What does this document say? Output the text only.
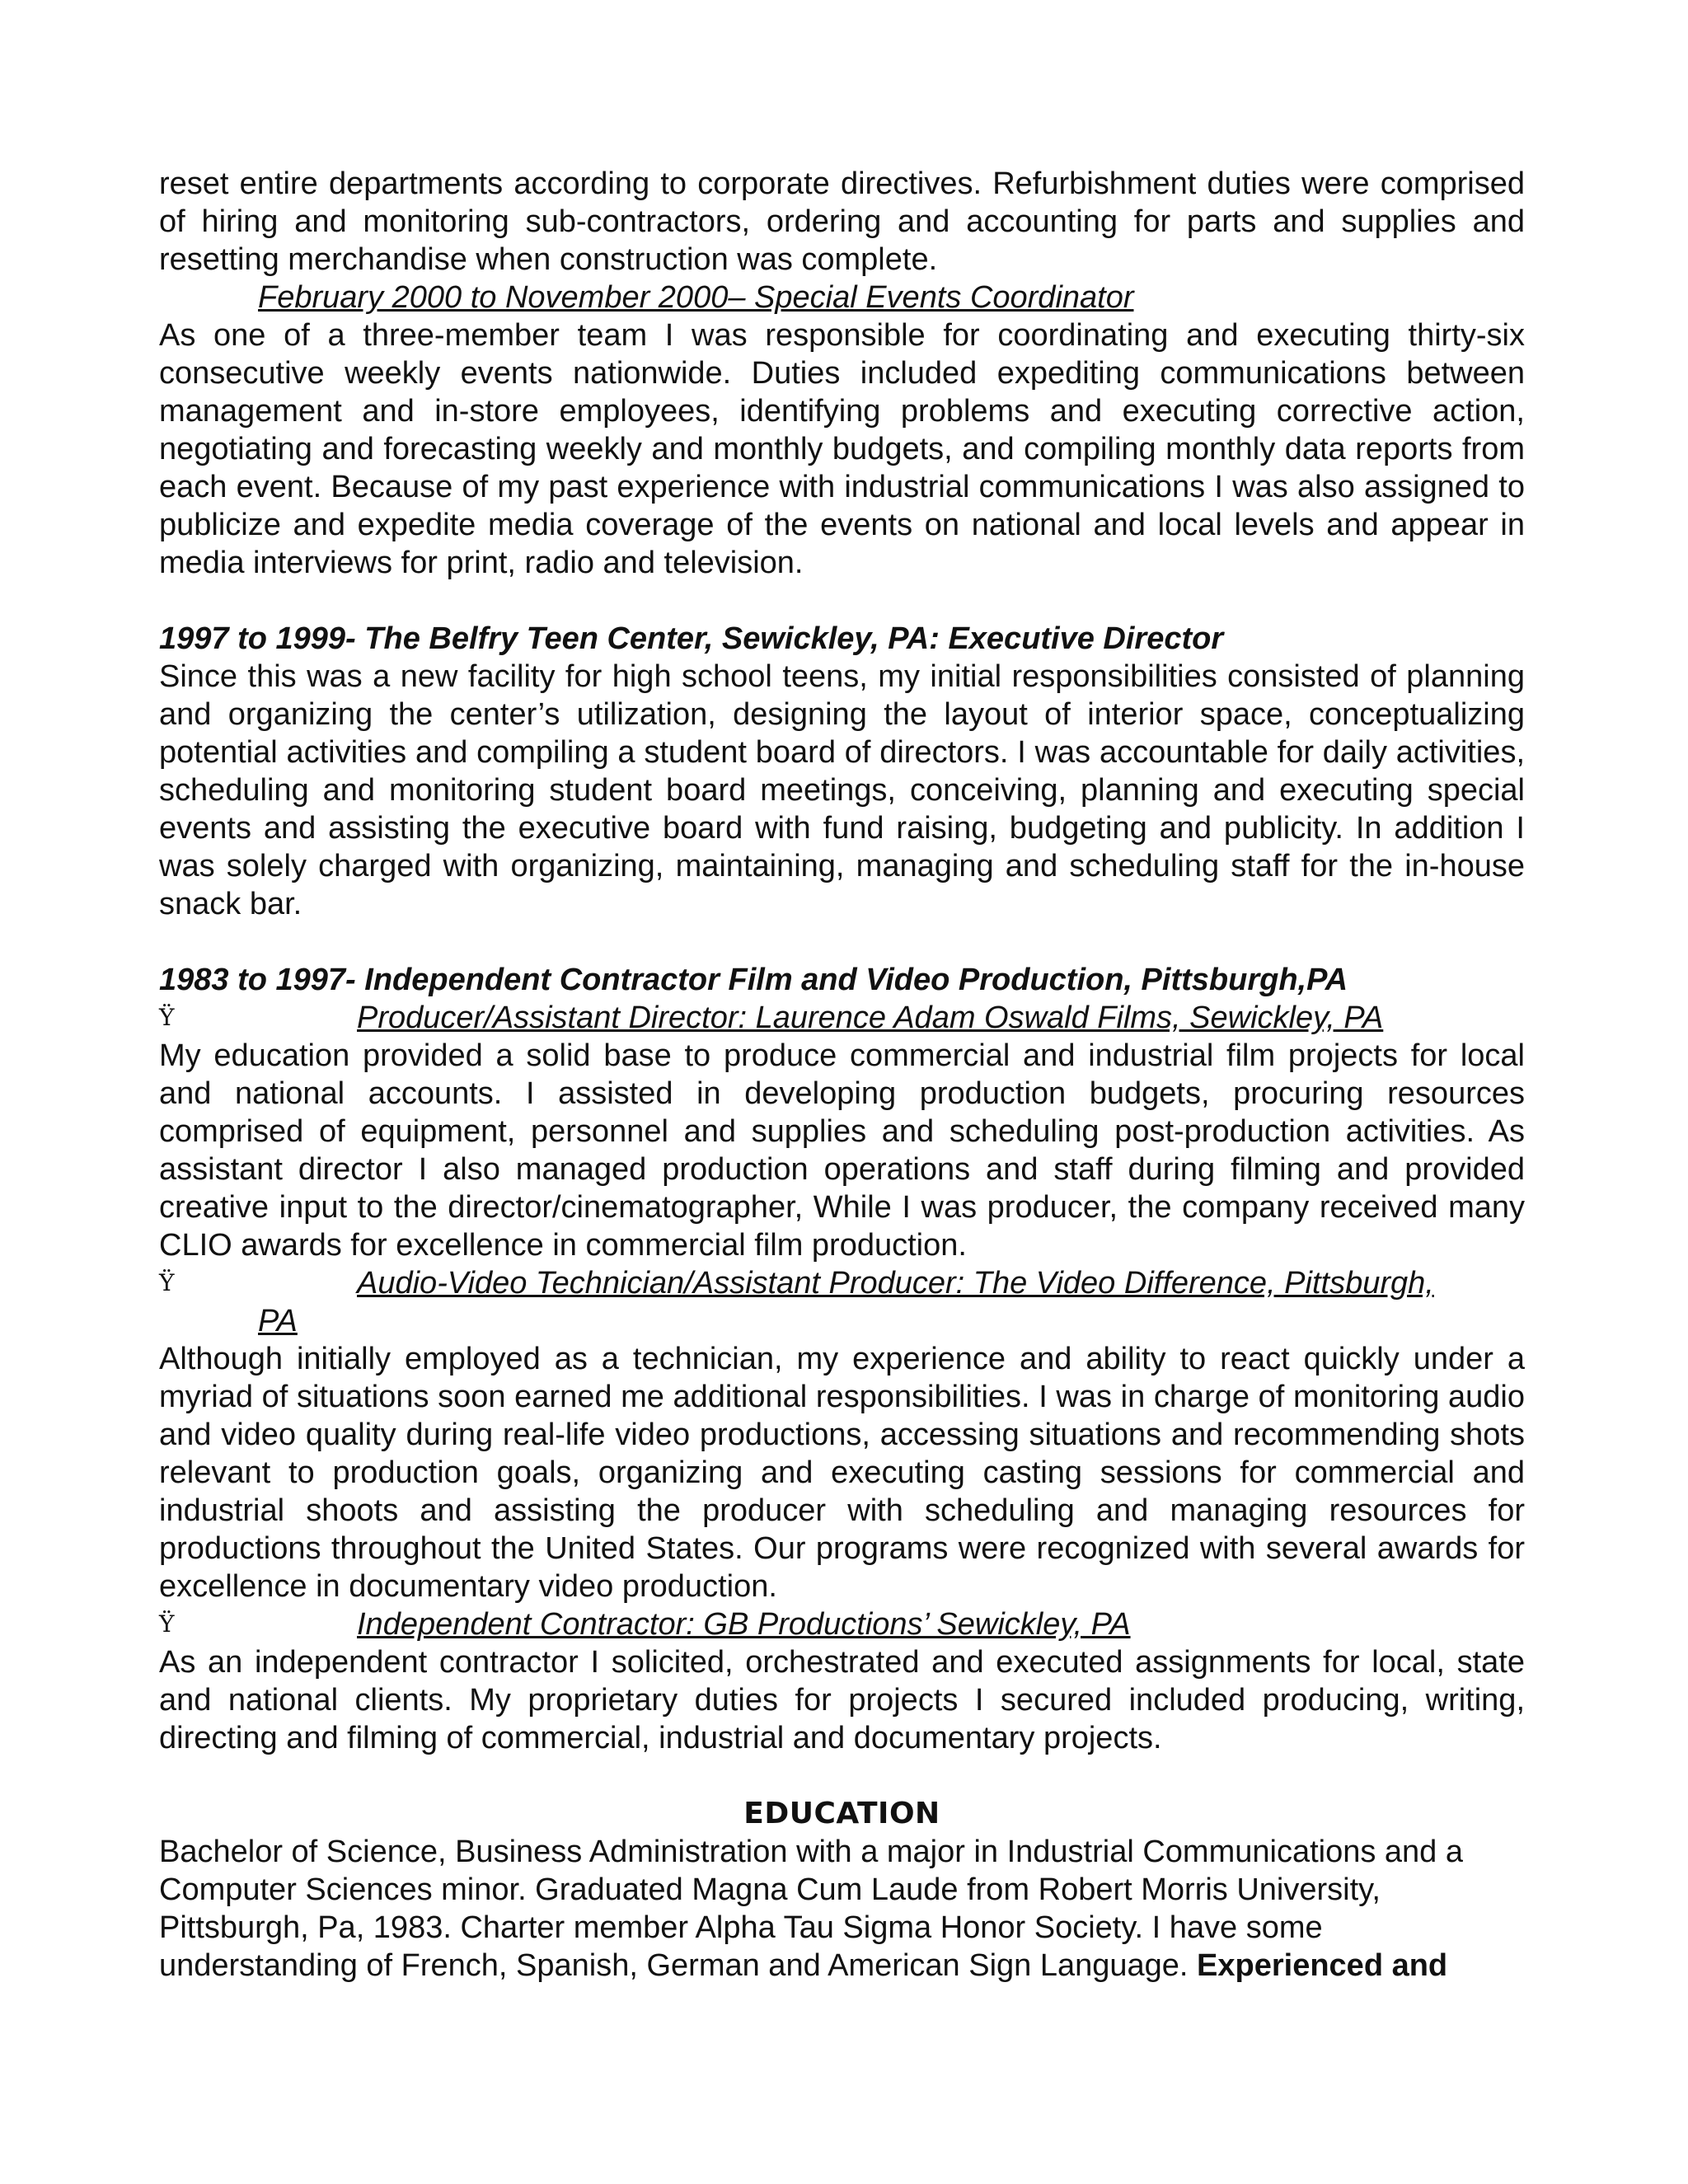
reset entire departments according to corporate directives. Refurbishment duties were comprised of hiring and monitoring sub-contractors, ordering and accounting for parts and supplies and resetting merchandise when construction was complete.

February 2000 to November 2000– Special Events Coordinator

As one of a three-member team I was responsible for coordinating and executing thirty-six consecutive weekly events nationwide. Duties included expediting communications between management and in-store employees, identifying problems and executing corrective action, negotiating and forecasting weekly and monthly budgets, and compiling monthly data reports from each event. Because of my past experience with industrial communications I was also assigned to publicize and expedite media coverage of the events on national and local levels and appear in media interviews for print, radio and television.

1997 to 1999- The Belfry Teen Center, Sewickley, PA: Executive Director

Since this was a new facility for high school teens, my initial responsibilities consisted of planning and organizing the center’s utilization, designing the layout of interior space, conceptualizing potential activities and compiling a student board of directors. I was accountable for daily activities, scheduling and monitoring student board meetings, conceiving, planning and executing special events and assisting the executive board with fund raising, budgeting and publicity. In addition I was solely charged with organizing, maintaining, managing and scheduling staff for the in-house snack bar.

1983 to 1997- Independent Contractor Film and Video Production, Pittsburgh,PA
Ÿ	Producer/Assistant Director: Laurence Adam Oswald Films, Sewickley, PA

My education provided a solid base to produce commercial and industrial film projects for local and national accounts. I assisted in developing production budgets, procuring resources comprised of equipment, personnel and supplies and scheduling post-production activities. As assistant director I also managed production operations and staff during filming and provided creative input to the director/cinematographer, While I was producer, the company received many CLIO awards for excellence in commercial film production.

Ÿ	Audio-Video Technician/Assistant Producer: The Video Difference, Pittsburgh,
PA

Although initially employed as a technician, my experience and ability to react quickly under a myriad of situations soon earned me additional responsibilities. I was in charge of monitoring audio and video quality during real-life video productions, accessing situations and recommending shots relevant to production goals, organizing and executing casting sessions for commercial and industrial shoots and assisting the producer with scheduling and managing resources for productions throughout the United States. Our programs were recognized with several awards for excellence in documentary video production.

Ÿ	Independent Contractor: GB Productions’ Sewickley, PA

As an independent contractor I solicited, orchestrated and executed assignments for local, state and national clients. My proprietary duties for projects I secured included producing, writing, directing and filming of commercial, industrial and documentary projects.

EDUCATION

Bachelor of Science, Business Administration with a major in Industrial Communications and a Computer Sciences minor. Graduated Magna Cum Laude from Robert Morris University, Pittsburgh, Pa, 1983. Charter member Alpha Tau Sigma Honor Society. I have some understanding of French, Spanish, German and American Sign Language. Experienced and
